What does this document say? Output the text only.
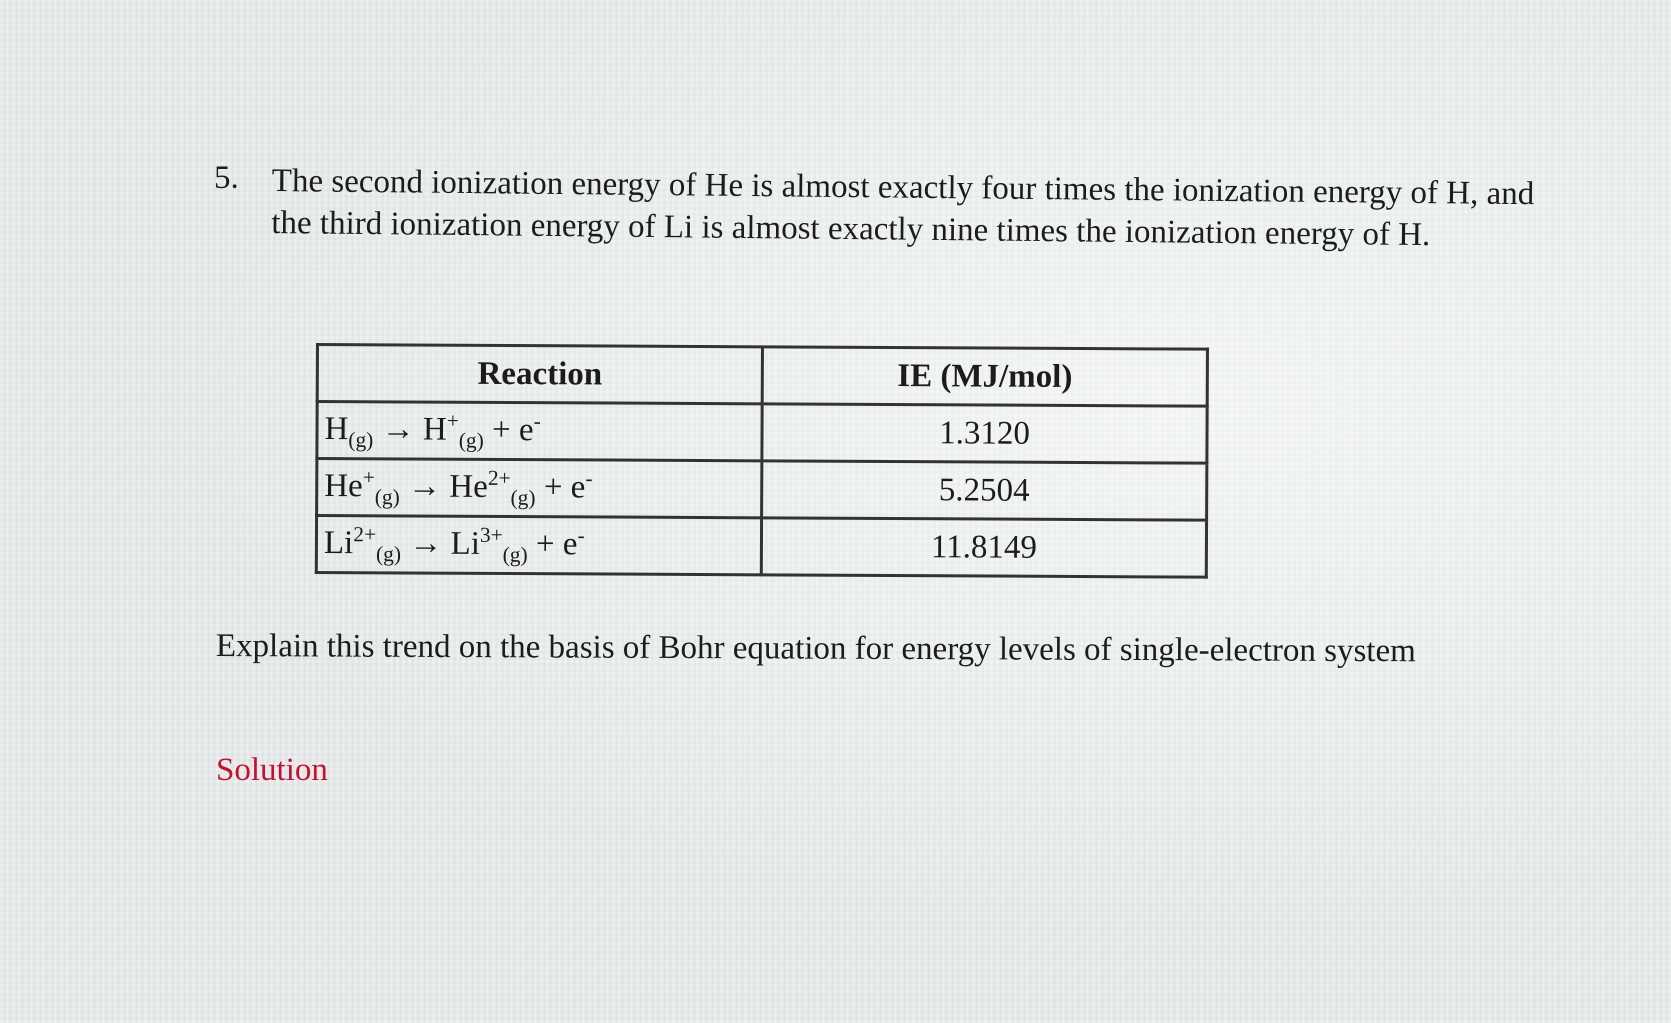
5. The second ionization energy of He is almost exactly four times the ionization energy of H, and the third ionization energy of Li is almost exactly nine times the ionization energy of H.
Reaction	IE (MJ/mol)
$H_{(g)} \to H^+_{(g)} + e^-$	1.3120
$He^+_{(g)} \to He^{2+}_{(g)} + e^-$	5.2504
$Li^{2+}_{(g)} \to Li^{3+}_{(g)} + e^-$	11.8149
Explain this trend on the basis of Bohr equation for energy levels of single-electron system
Solution
